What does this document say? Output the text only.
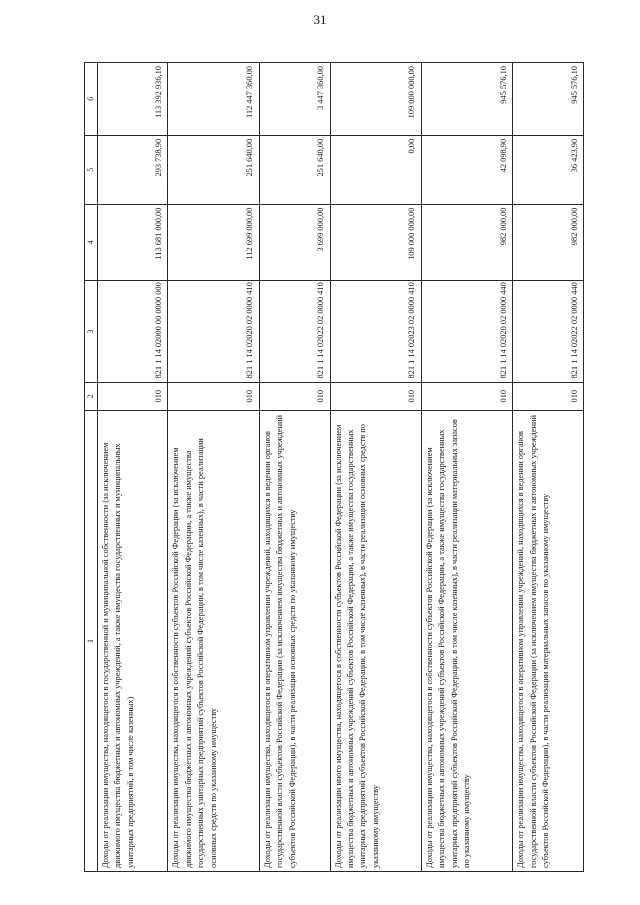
31
1	2	3	4	5	6
Доходы от реализации имущества, находящегося в государственной и муниципальной собственности (за исключением движимого имущества бюджетных и автономных учреждений, а также имущества государственных и муниципальных унитарных предприятий, в том числе казенных)	010	821 1 14 02000 00 0000 000	113 681 000,00	293 738,90	113 392 936,10
Доходы от реализации имущества, находящегося в собственности субъектов Российской Федерации (за исключением движимого имущества бюджетных и автономных учреждений субъектов Российской Федерации, а также имущества государственных унитарных предприятий субъектов Российской Федерации, в том числе казенных), в части реализации основных средств по указанному имуществу	010	821 1 14 02020 02 0000 410	112 699 000,00	251 640,00	112 447 360,00
Доходы от реализации имущества, находящегося в оперативном управлении учреждений, находящихся в ведении органов государственной власти субъектов Российской Федерации (за исключением имущества бюджетных и автономных учреждений субъектов Российской Федерации), в части реализации основных средств по указанному имуществу	010	821 1 14 02022 02 0000 410	3 699 000,00	251 640,00	3 447 360,00
Доходы от реализации иного имущества, находящегося в собственности субъектов Российской Федерации (за исключением имущества бюджетных и автономных учреждений субъектов Российской Федерации, а также имущества государственных унитарных предприятий субъектов Российской Федерации, в том числе казенных), в части реализации основных средств по указанному имуществу	010	821 1 14 02023 02 0000 410	109 000 000,00	0,00	109 000 000,00
Доходы от реализации имущества, находящегося в собственности субъектов Российской Федерации (за исключением имущества бюджетных и автономных учреждений субъектов Российской Федерации, а также имущества государственных унитарных предприятий субъектов Российской Федерации, в том числе казенных), в части реализации материальных запасов по указанному имуществу	010	821 1 14 02020 02 0000 440	982 000,00	42 098,90	945 576,10
Доходы от реализации имущества, находящегося в оперативном управлении учреждений, находящихся в ведении органов государственной власти субъектов Российской Федерации (за исключением имущества бюджетных и автономных учреждений субъектов Российской Федерации), в части реализации материальных запасов по указанному имуществу	010	821 1 14 02022 02 0000 440	982 000,00	36 423,90	945 576,10
